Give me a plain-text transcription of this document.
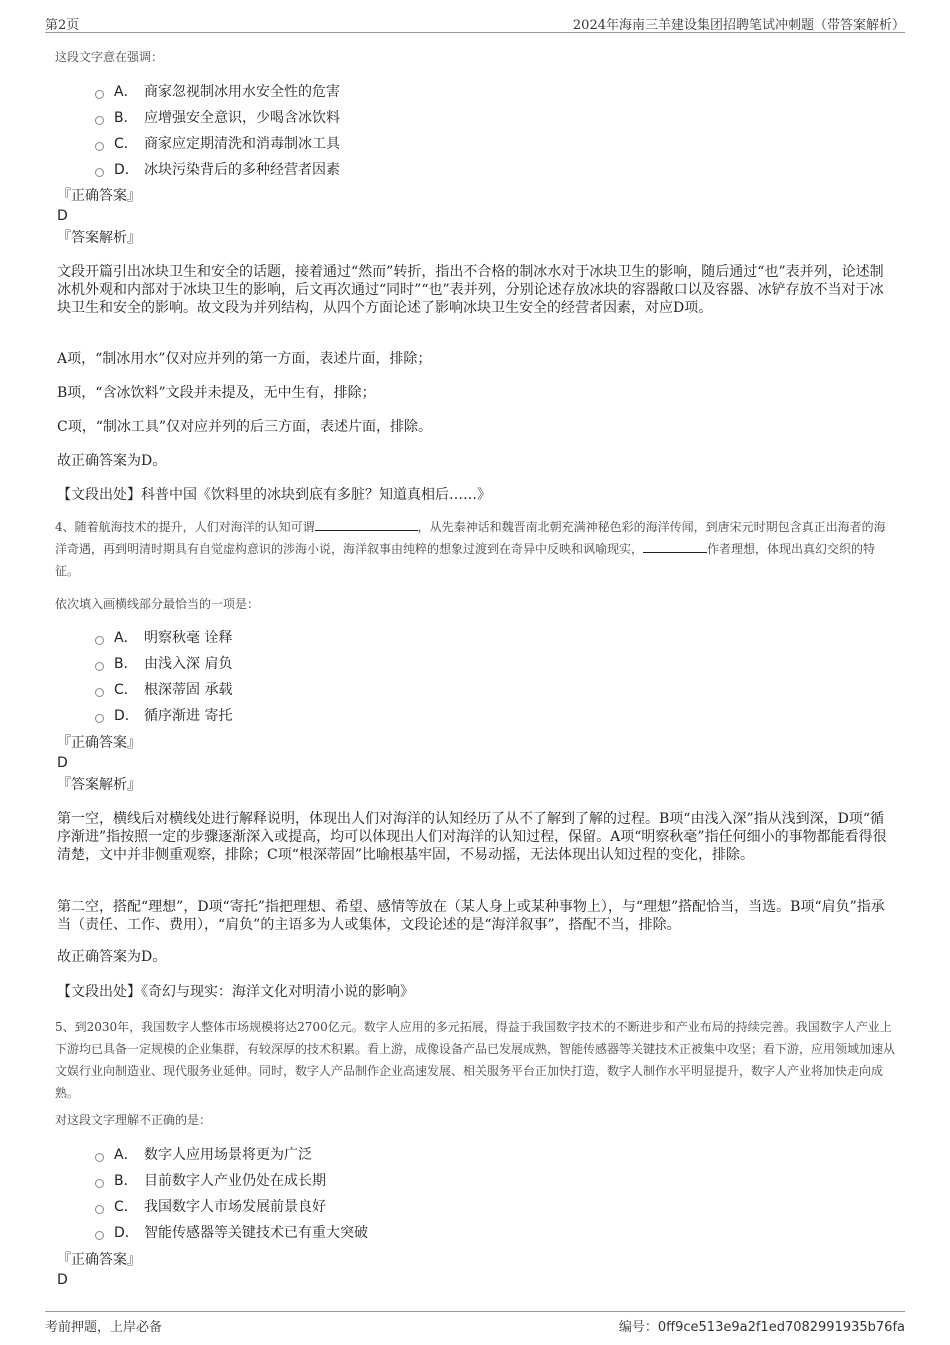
第2页	2024年海南三羊建设集团招聘笔试冲刺题（带答案解析）
这段文字意在强调：
A． 商家忽视制冰用水安全性的危害
B． 应增强安全意识，少喝含冰饮料
C． 商家应定期清洗和消毒制冰工具
D． 冰块污染背后的多种经营者因素
『正确答案』
D
『答案解析』
文段开篇引出冰块卫生和安全的话题，接着通过“然而”转折，指出不合格的制冰水对于冰块卫生的影响，随后通过“也”表并列，论述制冰机外观和内部对于冰块卫生的影响，后文再次通过“同时”“也”表并列，分别论述存放冰块的容器敞口以及容器、冰铲存放不当对于冰块卫生和安全的影响。故文段为并列结构，从四个方面论述了影响冰块卫生安全的经营者因素，对应D项。
A项，“制冰用水”仅对应并列的第一方面，表述片面，排除；
B项，“含冰饮料”文段并未提及，无中生有，排除；
C项，“制冰工具”仅对应并列的后三方面，表述片面，排除。
故正确答案为D。
【文段出处】科普中国《饮料里的冰块到底有多脏？知道真相后……》
4、随着航海技术的提升，人们对海洋的认知可谓	，从先秦神话和魏晋南北朝充满神秘色彩的海洋传闻，到唐宋元时期包含真正出海者的海洋奇遇，再到明清时期具有自觉虚构意识的涉海小说，海洋叙事由纯粹的想象过渡到在奇异中反映和讽喻现实，	作者理想，体现出真幻交织的特征。
依次填入画横线部分最恰当的一项是：
A． 明察秋毫 诠释
B． 由浅入深 肩负
C． 根深蒂固 承载
D． 循序渐进 寄托
『正确答案』
D
『答案解析』
第一空，横线后对横线处进行解释说明，体现出人们对海洋的认知经历了从不了解到了解的过程。B项“由浅入深”指从浅到深，D项“循序渐进”指按照一定的步骤逐渐深入或提高，均可以体现出人们对海洋的认知过程，保留。A项“明察秋毫”指任何细小的事物都能看得很清楚，文中并非侧重观察，排除；C项“根深蒂固”比喻根基牢固，不易动摇，无法体现出认知过程的变化，排除。
第二空，搭配“理想”，D项“寄托”指把理想、希望、感情等放在（某人身上或某种事物上），与“理想”搭配恰当，当选。B项“肩负”指承当（责任、工作、费用），“肩负”的主语多为人或集体，文段论述的是“海洋叙事”，搭配不当，排除。
故正确答案为D。
【文段出处】《奇幻与现实：海洋文化对明清小说的影响》
5、到2030年，我国数字人整体市场规模将达2700亿元。数字人应用的多元拓展，得益于我国数字技术的不断进步和产业布局的持续完善。我国数字人产业上下游均已具备一定规模的企业集群，有较深厚的技术积累。看上游，成像设备产品已发展成熟，智能传感器等关键技术正被集中攻坚；看下游，应用领域加速从文娱行业向制造业、现代服务业延伸。同时，数字人产品制作企业高速发展、相关服务平台正加快打造，数字人制作水平明显提升，数字人产业将加快走向成熟。
对这段文字理解不正确的是：
A． 数字人应用场景将更为广泛
B． 目前数字人产业仍处在成长期
C． 我国数字人市场发展前景良好
D． 智能传感器等关键技术已有重大突破
『正确答案』
D
考前押题，上岸必备	编号：0ff9ce513e9a2f1ed7082991935b76fa
